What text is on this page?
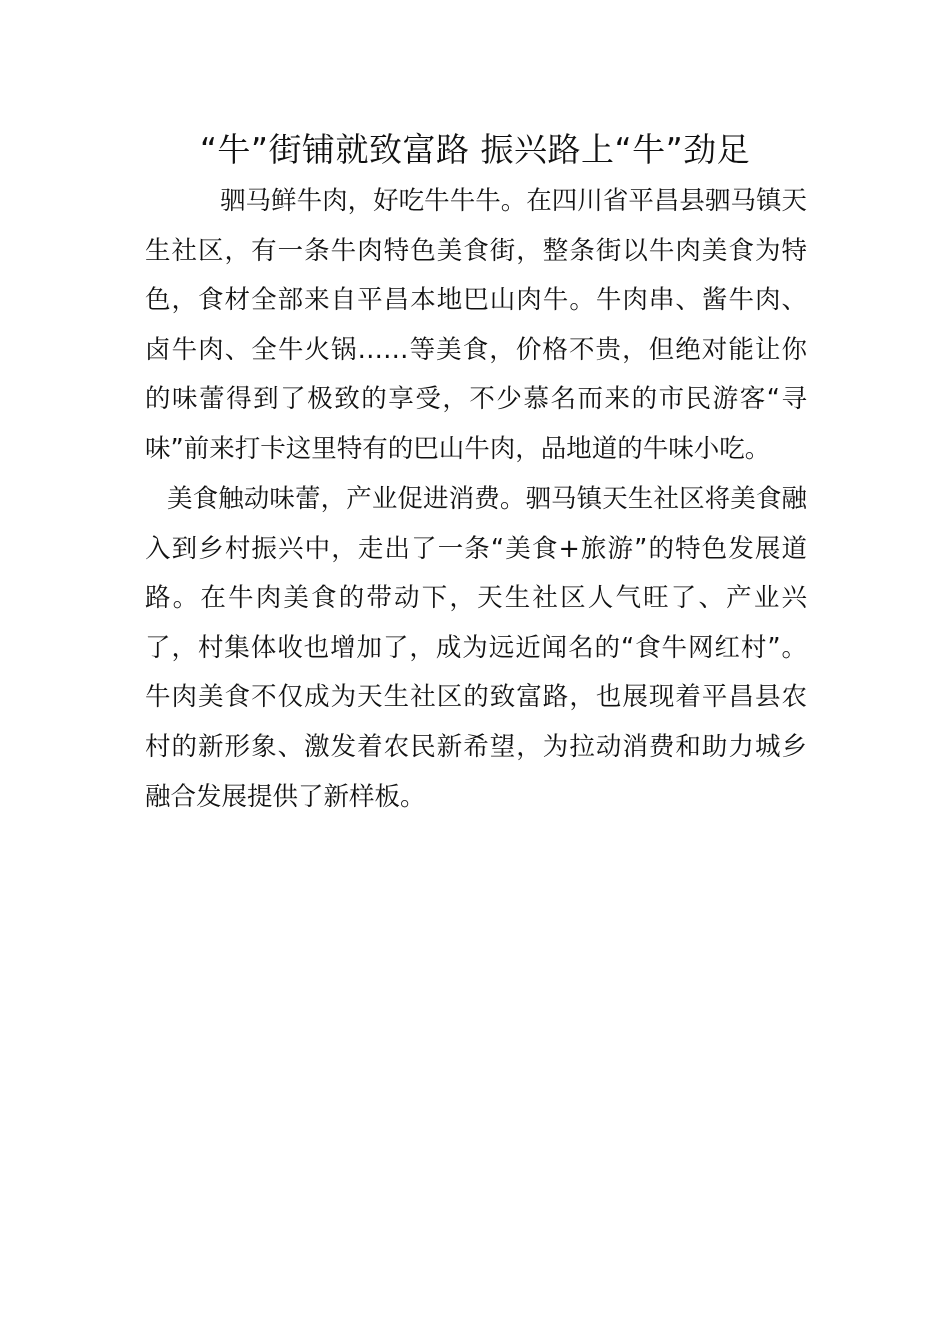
“牛”街铺就致富路 振兴路上“牛”劲足

驷马鲜牛肉，好吃牛牛牛。在四川省平昌县驷马镇天生社区，有一条牛肉特色美食街，整条街以牛肉美食为特色，食材全部来自平昌本地巴山肉牛。牛肉串、酱牛肉、卤牛肉、全牛火锅……等美食，价格不贵，但绝对能让你的味蕾得到了极致的享受，不少慕名而来的市民游客“寻味”前来打卡这里特有的巴山牛肉，品地道的牛味小吃。

美食触动味蕾，产业促进消费。驷马镇天生社区将美食融入到乡村振兴中，走出了一条“美食+旅游”的特色发展道路。在牛肉美食的带动下，天生社区人气旺了、产业兴了，村集体收也增加了，成为远近闻名的“食牛网红村”。牛肉美食不仅成为天生社区的致富路，也展现着平昌县农村的新形象、激发着农民新希望，为拉动消费和助力城乡融合发展提供了新样板。
